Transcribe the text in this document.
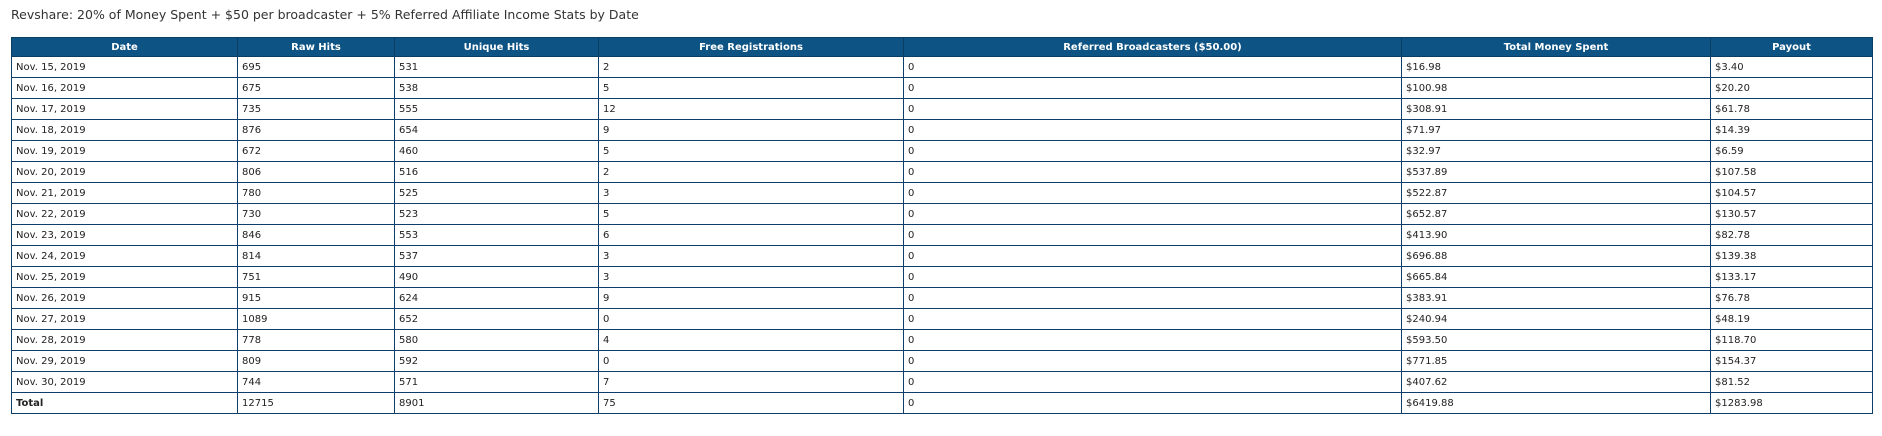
Revshare: 20% of Money Spent + $50 per broadcaster + 5% Referred Affiliate Income Stats by Date
Date	Raw Hits	Unique Hits	Free Registrations	Referred Broadcasters ($50.00)	Total Money Spent	Payout
Nov. 15, 2019	695	531	2	0	$16.98	$3.40
Nov. 16, 2019	675	538	5	0	$100.98	$20.20
Nov. 17, 2019	735	555	12	0	$308.91	$61.78
Nov. 18, 2019	876	654	9	0	$71.97	$14.39
Nov. 19, 2019	672	460	5	0	$32.97	$6.59
Nov. 20, 2019	806	516	2	0	$537.89	$107.58
Nov. 21, 2019	780	525	3	0	$522.87	$104.57
Nov. 22, 2019	730	523	5	0	$652.87	$130.57
Nov. 23, 2019	846	553	6	0	$413.90	$82.78
Nov. 24, 2019	814	537	3	0	$696.88	$139.38
Nov. 25, 2019	751	490	3	0	$665.84	$133.17
Nov. 26, 2019	915	624	9	0	$383.91	$76.78
Nov. 27, 2019	1089	652	0	0	$240.94	$48.19
Nov. 28, 2019	778	580	4	0	$593.50	$118.70
Nov. 29, 2019	809	592	0	0	$771.85	$154.37
Nov. 30, 2019	744	571	7	0	$407.62	$81.52
Total	12715	8901	75	0	$6419.88	$1283.98
